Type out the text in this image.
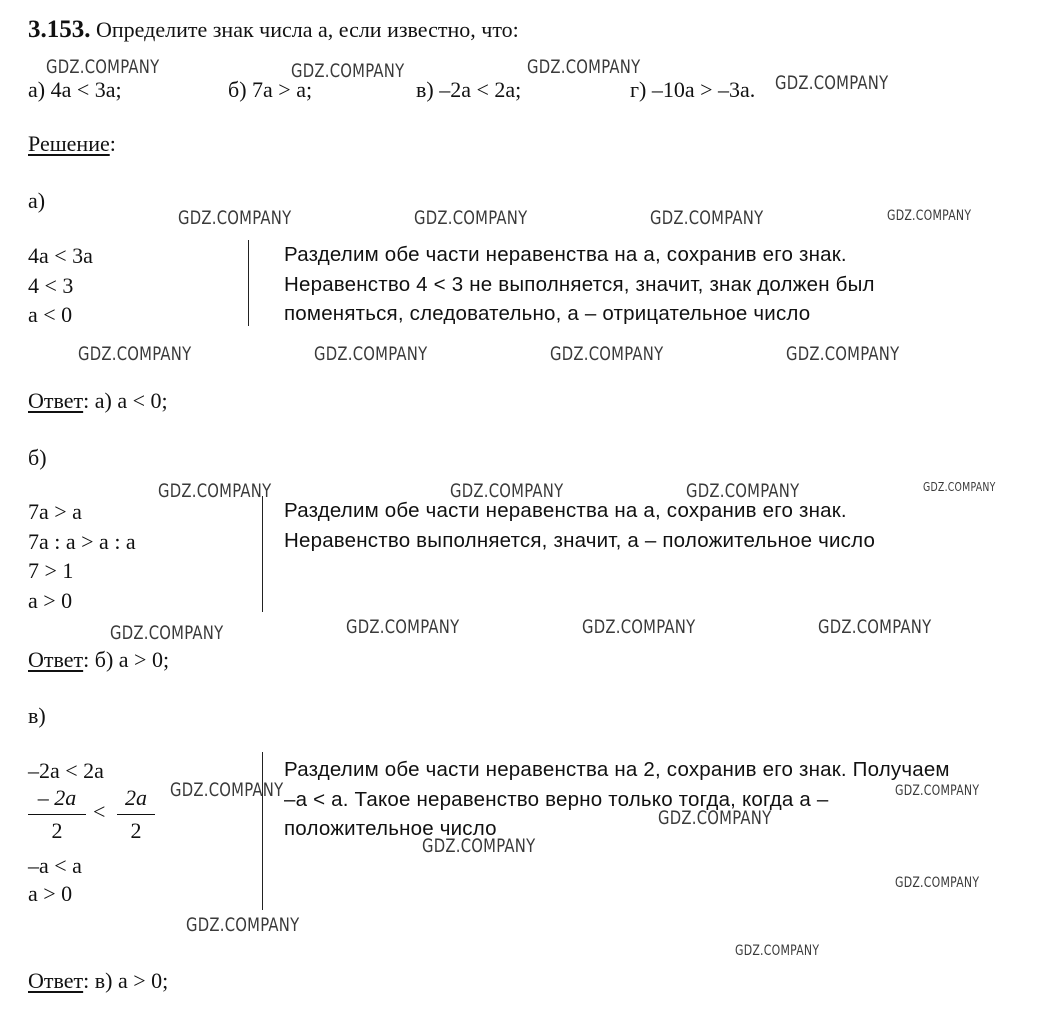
3.153. Определите знак числа а, если известно, что:
а) 4а < 3а;	б) 7а > а;	в) –2а < 2а;	г) –10а > –3а.
Решение:
а)
4а < 3а
4 < 3
а < 0
Разделим обе части неравенства на а, сохранив его знак.
Неравенство 4 < 3 не выполняется, значит, знак должен был
поменяться, следовательно, а – отрицательное число
Ответ: а) а < 0;
б)
7а > а
7а : а > а : а
7 > 1
а > 0
Разделим обе части неравенства на а, сохранив его знак.
Неравенство выполняется, значит, а – положительное число
Ответ: б) а > 0;
в)
–2а < 2а
– 2a
2
<
2a
2
–а < а
а > 0
Разделим обе части неравенства на 2, сохранив его знак. Получаем
–а < а. Такое неравенство верно только тогда, когда а –
положительное число
Ответ: в) а > 0;
GDZ.COMPANY	GDZ.COMPANY	GDZ.COMPANY
GDZ.COMPANY
GDZ.COMPANY	GDZ.COMPANY	GDZ.COMPANY	GDZ.COMPANY
GDZ.COMPANY	GDZ.COMPANY	GDZ.COMPANY	GDZ.COMPANY
GDZ.COMPANY	GDZ.COMPANY	GDZ.COMPANY	GDZ.COMPANY
GDZ.COMPANY	GDZ.COMPANY	GDZ.COMPANY	GDZ.COMPANY
GDZ.COMPANY	GDZ.COMPANY
GDZ.COMPANY
GDZ.COMPANY
GDZ.COMPANY
GDZ.COMPANY
GDZ.COMPANY
